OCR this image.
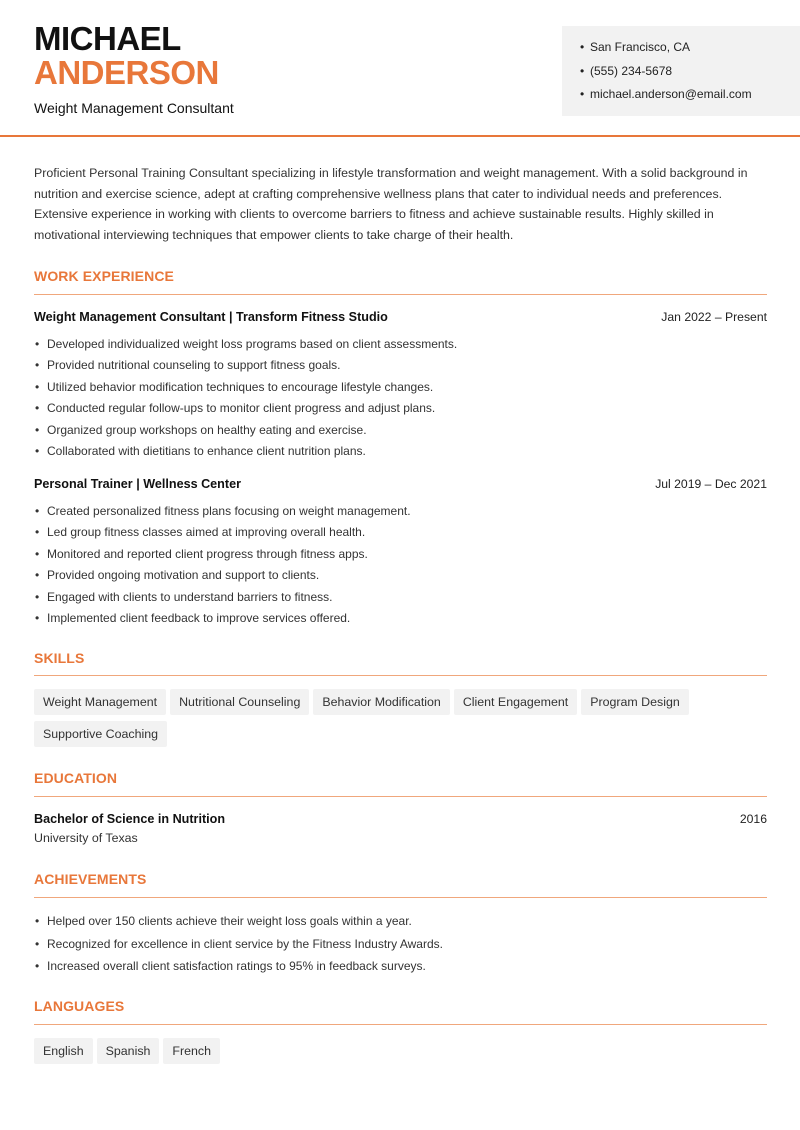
MICHAEL
ANDERSON
Weight Management Consultant
• San Francisco, CA
• (555) 234-5678
• michael.anderson@email.com

Proficient Personal Training Consultant specializing in lifestyle transformation and weight management. With a solid background in nutrition and exercise science, adept at crafting comprehensive wellness plans that cater to individual needs and preferences. Extensive experience in working with clients to overcome barriers to fitness and achieve sustainable results. Highly skilled in motivational interviewing techniques that empower clients to take charge of their health.

WORK EXPERIENCE
Weight Management Consultant | Transform Fitness Studio	Jan 2022 – Present
• Developed individualized weight loss programs based on client assessments.
• Provided nutritional counseling to support fitness goals.
• Utilized behavior modification techniques to encourage lifestyle changes.
• Conducted regular follow-ups to monitor client progress and adjust plans.
• Organized group workshops on healthy eating and exercise.
• Collaborated with dietitians to enhance client nutrition plans.
Personal Trainer | Wellness Center	Jul 2019 – Dec 2021
• Created personalized fitness plans focusing on weight management.
• Led group fitness classes aimed at improving overall health.
• Monitored and reported client progress through fitness apps.
• Provided ongoing motivation and support to clients.
• Engaged with clients to understand barriers to fitness.
• Implemented client feedback to improve services offered.
SKILLS
Weight Management Nutritional Counseling Behavior Modification Client Engagement Program DesignSupportive Coaching
EDUCATION
Bachelor of Science in Nutrition	2016
University of Texas
ACHIEVEMENTS
• Helped over 150 clients achieve their weight loss goals within a year.
• Recognized for excellence in client service by the Fitness Industry Awards.
• Increased overall client satisfaction ratings to 95% in feedback surveys.
LANGUAGES
English Spanish French
